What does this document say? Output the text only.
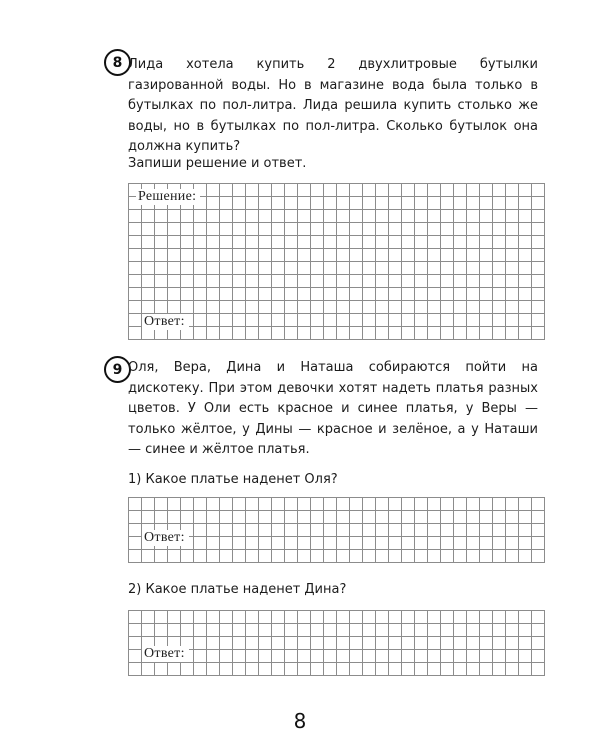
8 Лида хотела купить 2 двухлитровые бутылки газированной воды. Но в магазине вода была только в бутылках по пол-литра. Лида решила купить столько же воды, но в бутылках по пол-литра. Сколько бутылок она должна купить?

Запиши решение и ответ.
Решение:
Ответ:
9 Оля, Вера, Дина и Наташа собираются пойти на дискотеку. При этом девочки хотят надеть платья разных цветов. У Оли есть красное и синее платья, у Веры — только жёлтое, у Дины — красное и зелёное, а у Наташи — синее и жёлтое платья.

1) Какое платье наденет Оля?
Ответ:
2) Какое платье наденет Дина?
Ответ:
8
